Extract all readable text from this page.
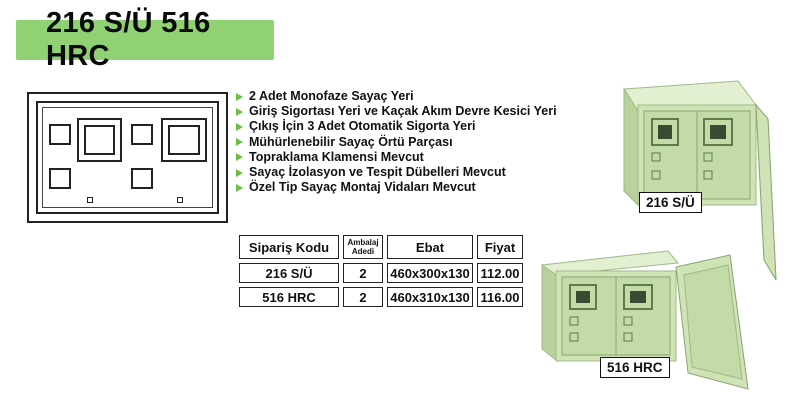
216 S/Ü 516 HRC
2 Adet Monofaze Sayaç Yeri
Giriş Sigortası Yeri ve Kaçak Akım Devre Kesici Yeri
Çıkış İçin 3 Adet Otomatik Sigorta Yeri
Mühürlenebilir Sayaç Örtü Parçası
Topraklama Klamensi Mevcut
Sayaç İzolasyon ve Tespit Dübelleri Mevcut
Özel Tip Sayaç Montaj Vidaları Mevcut
Sipariş Kodu	Ambalaj Adedi	Ebat	Fiyat
216 S/Ü	2	460x300x130	112.00
516 HRC	2	460x310x130	116.00
216 S/Ü
516 HRC
